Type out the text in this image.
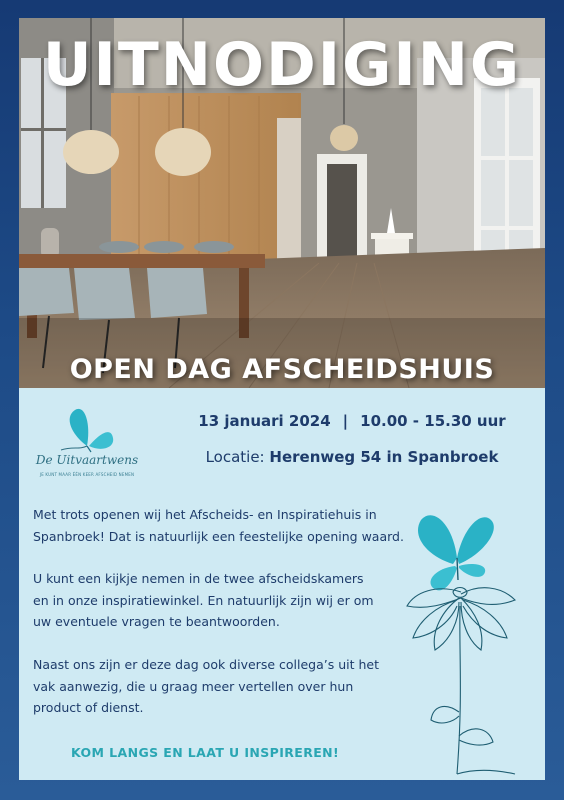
UITNODIGING
OPEN DAG AFSCHEIDSHUIS
De Uitvaartwens
JE KUNT MAAR ÉÉN KEER AFSCHEID NEMEN
13 januari 2024 | 10.00 - 15.30 uur
Locatie: Herenweg 54 in Spanbroek

Met trots openen wij het Afscheids- en Inspiratiehuis in
Spanbroek! Dat is natuurlijk een feestelijke opening waard.

U kunt een kijkje nemen in de twee afscheidskamers
en in onze inspiratiewinkel. En natuurlijk zijn wij er om
uw eventuele vragen te beantwoorden.

Naast ons zijn er deze dag ook diverse collega’s uit het
vak aanwezig, die u graag meer vertellen over hun
product of dienst.

KOM LANGS EN LAAT U INSPIREREN!
